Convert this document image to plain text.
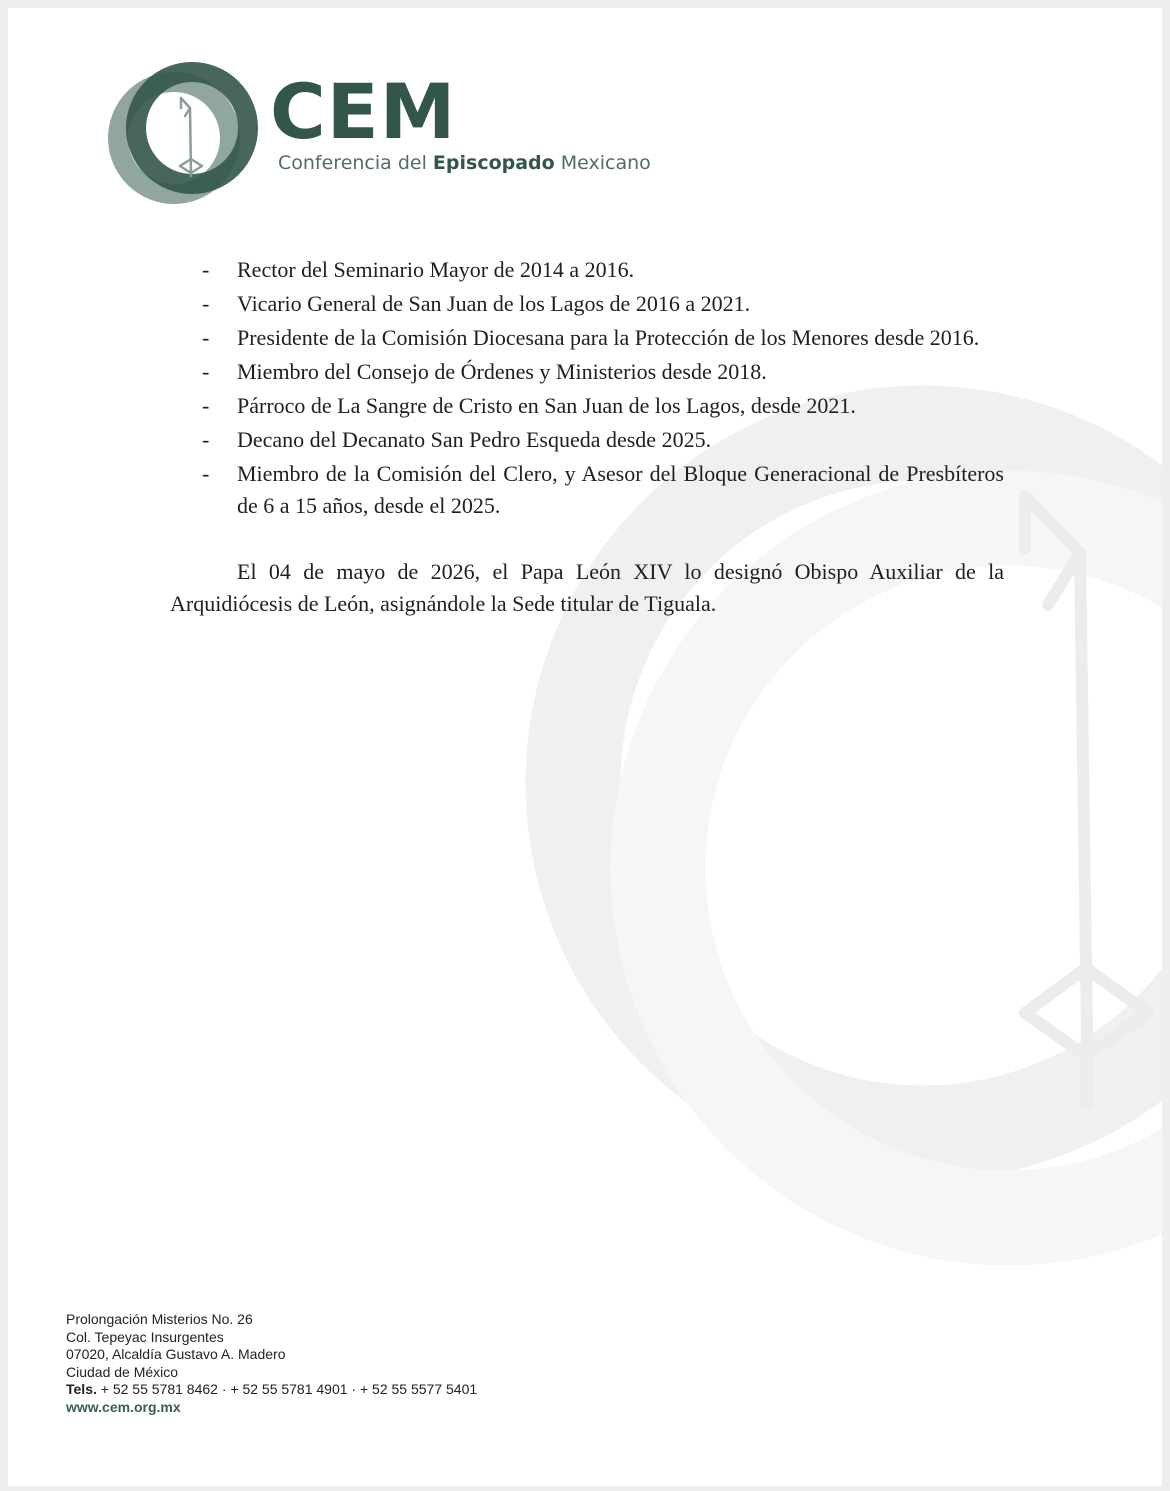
CEM
Conferencia del Episcopado Mexicano
- Rector del Seminario Mayor de 2014 a 2016.
- Vicario General de San Juan de los Lagos de 2016 a 2021.
- Presidente de la Comisión Diocesana para la Protección de los Menores desde 2016.
- Miembro del Consejo de Órdenes y Ministerios desde 2018.
- Párroco de La Sangre de Cristo en San Juan de los Lagos, desde 2021.
- Decano del Decanato San Pedro Esqueda desde 2025.
- Miembro de la Comisión del Clero, y Asesor del Bloque Generacional de Presbíteros de 6 a 15 años, desde el 2025.

El 04 de mayo de 2026, el Papa León XIV lo designó Obispo Auxiliar de la Arquidiócesis de León, asignándole la Sede titular de Tiguala.

Prolongación Misterios No. 26
Col. Tepeyac Insurgentes
07020, Alcaldía Gustavo A. Madero
Ciudad de México
Tels. + 52 55 5781 8462 · + 52 55 5781 4901 · + 52 55 5577 5401
www.cem.org.mx
